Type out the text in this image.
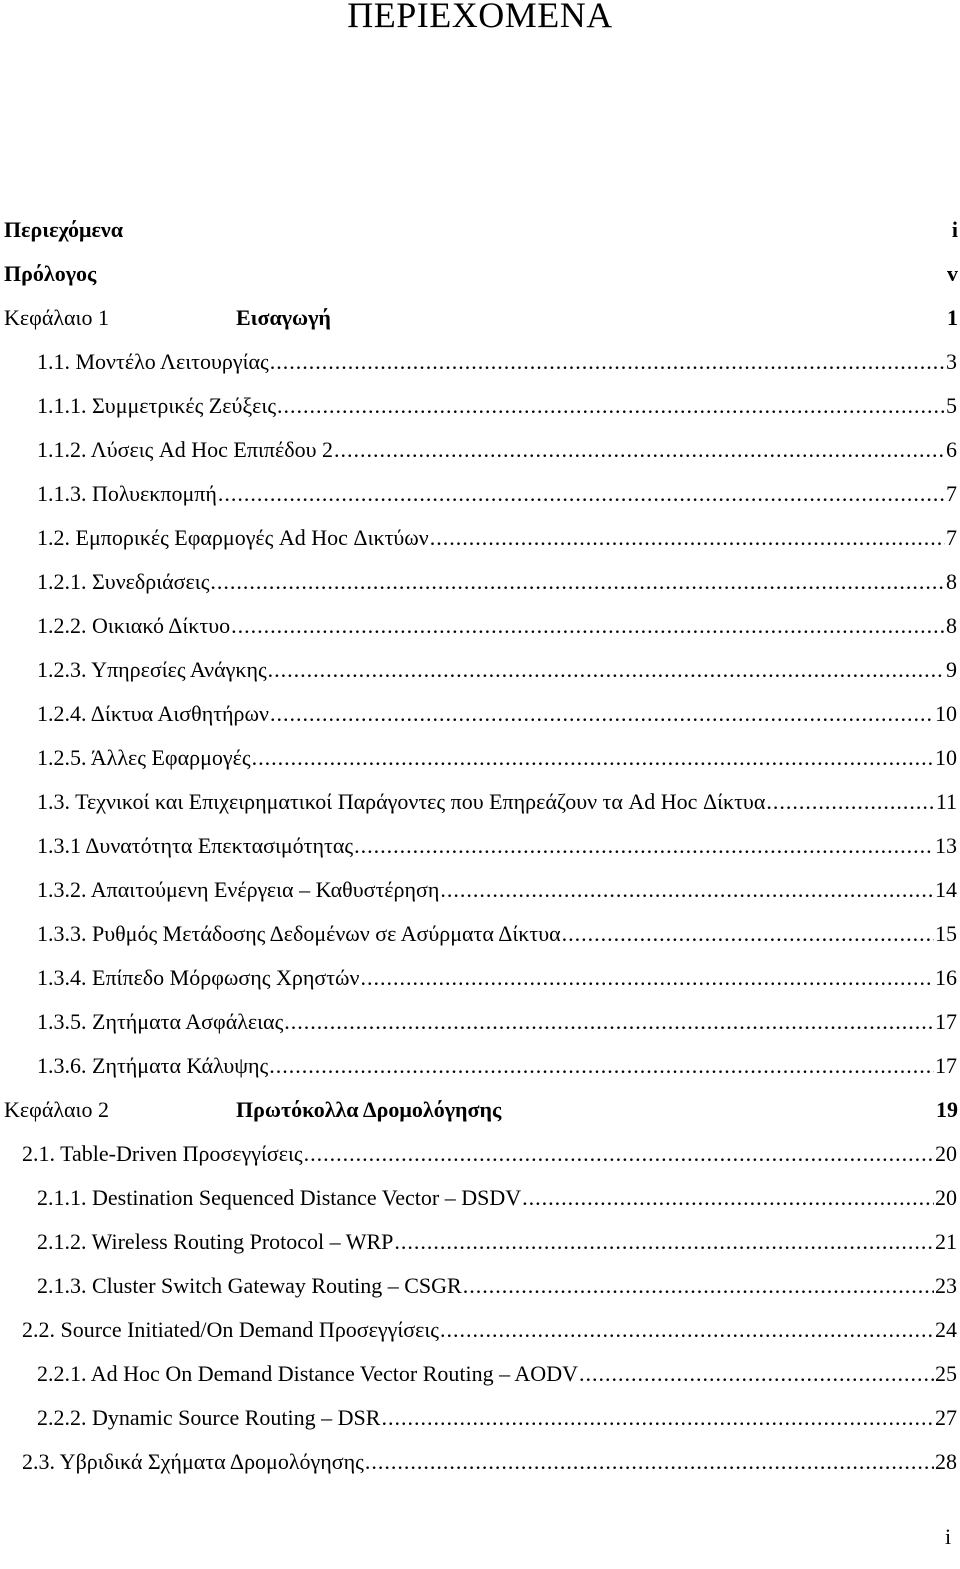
ΠΕΡΙΕΧΟΜΕΝΑ
Περιεχόμενα	i
Πρόλογος	v
Κεφάλαιο 1	Εισαγωγή	1
1.1. Μοντέλο Λειτουργίας .....	3
1.1.1. Συμμετρικές Ζεύξεις .....	5
1.1.2. Λύσεις Ad Hoc Επιπέδου 2 .....	6
1.1.3. Πολυεκπομπή .....	7
1.2. Εμπορικές Εφαρμογές Ad Hoc Δικτύων .....	7
1.2.1. Συνεδριάσεις .....	8
1.2.2. Οικιακό Δίκτυο .....	8
1.2.3. Υπηρεσίες Ανάγκης .....	9
1.2.4. Δίκτυα Αισθητήρων .....	10
1.2.5. Άλλες Εφαρμογές .....	10
1.3. Τεχνικοί και Επιχειρηματικοί Παράγοντες που Επηρεάζουν τα Ad Hoc Δίκτυα .....	11
1.3.1 Δυνατότητα Επεκτασιμότητας .....	13
1.3.2. Απαιτούμενη Ενέργεια – Καθυστέρηση .....	14
1.3.3. Ρυθμός Μετάδοσης Δεδομένων σε Ασύρματα Δίκτυα .....	15
1.3.4. Επίπεδο Μόρφωσης Χρηστών .....	16
1.3.5. Ζητήματα Ασφάλειας .....	17
1.3.6. Ζητήματα Κάλυψης .....	17
Κεφάλαιο 2	Πρωτόκολλα Δρομολόγησης	19
2.1. Table-Driven Προσεγγίσεις .....	20
2.1.1. Destination Sequenced Distance Vector – DSDV .....	20
2.1.2. Wireless Routing Protocol – WRP .....	21
2.1.3. Cluster Switch Gateway Routing – CSGR .....	23
2.2. Source Initiated/On Demand Προσεγγίσεις .....	24
2.2.1. Ad Hoc On Demand Distance Vector Routing – AODV .....	25
2.2.2. Dynamic Source Routing – DSR .....	27
2.3. Υβριδικά Σχήματα Δρομολόγησης .....	28
i
